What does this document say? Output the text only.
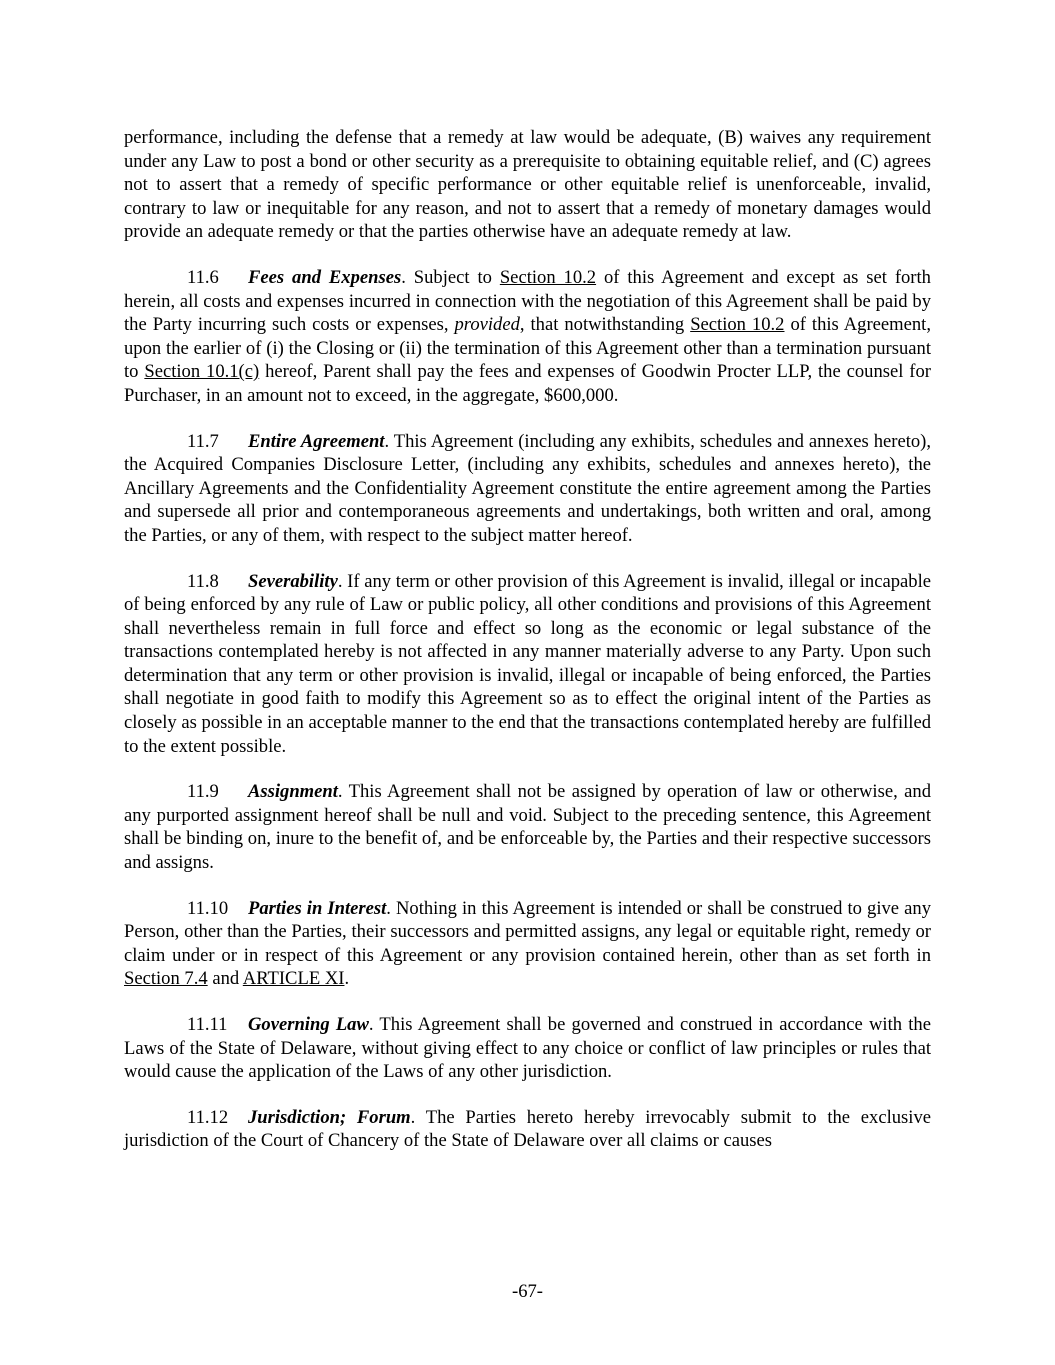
performance, including the defense that a remedy at law would be adequate, (B) waives any requirement under any Law to post a bond or other security as a prerequisite to obtaining equitable relief, and (C) agrees not to assert that a remedy of specific performance or other equitable relief is unenforceable, invalid, contrary to law or inequitable for any reason, and not to assert that a remedy of monetary damages would provide an adequate remedy or that the parties otherwise have an adequate remedy at law.

11.6 Fees and Expenses. Subject to Section 10.2 of this Agreement and except as set forth herein, all costs and expenses incurred in connection with the negotiation of this Agreement shall be paid by the Party incurring such costs or expenses, provided, that notwithstanding Section 10.2 of this Agreement, upon the earlier of (i) the Closing or (ii) the termination of this Agreement other than a termination pursuant to Section 10.1(c) hereof, Parent shall pay the fees and expenses of Goodwin Procter LLP, the counsel for Purchaser, in an amount not to exceed, in the aggregate, $600,000.

11.7 Entire Agreement. This Agreement (including any exhibits, schedules and annexes hereto), the Acquired Companies Disclosure Letter, (including any exhibits, schedules and annexes hereto), the Ancillary Agreements and the Confidentiality Agreement constitute the entire agreement among the Parties and supersede all prior and contemporaneous agreements and undertakings, both written and oral, among the Parties, or any of them, with respect to the subject matter hereof.

11.8 Severability. If any term or other provision of this Agreement is invalid, illegal or incapable of being enforced by any rule of Law or public policy, all other conditions and provisions of this Agreement shall nevertheless remain in full force and effect so long as the economic or legal substance of the transactions contemplated hereby is not affected in any manner materially adverse to any Party. Upon such determination that any term or other provision is invalid, illegal or incapable of being enforced, the Parties shall negotiate in good faith to modify this Agreement so as to effect the original intent of the Parties as closely as possible in an acceptable manner to the end that the transactions contemplated hereby are fulfilled to the extent possible.

11.9 Assignment. This Agreement shall not be assigned by operation of law or otherwise, and any purported assignment hereof shall be null and void. Subject to the preceding sentence, this Agreement shall be binding on, inure to the benefit of, and be enforceable by, the Parties and their respective successors and assigns.

11.10 Parties in Interest. Nothing in this Agreement is intended or shall be construed to give any Person, other than the Parties, their successors and permitted assigns, any legal or equitable right, remedy or claim under or in respect of this Agreement or any provision contained herein, other than as set forth in Section 7.4 and ARTICLE XI.

11.11 Governing Law. This Agreement shall be governed and construed in accordance with the Laws of the State of Delaware, without giving effect to any choice or conflict of law principles or rules that would cause the application of the Laws of any other jurisdiction.

11.12 Jurisdiction; Forum. The Parties hereto hereby irrevocably submit to the exclusive jurisdiction of the Court of Chancery of the State of Delaware over all claims or causes

-67-
